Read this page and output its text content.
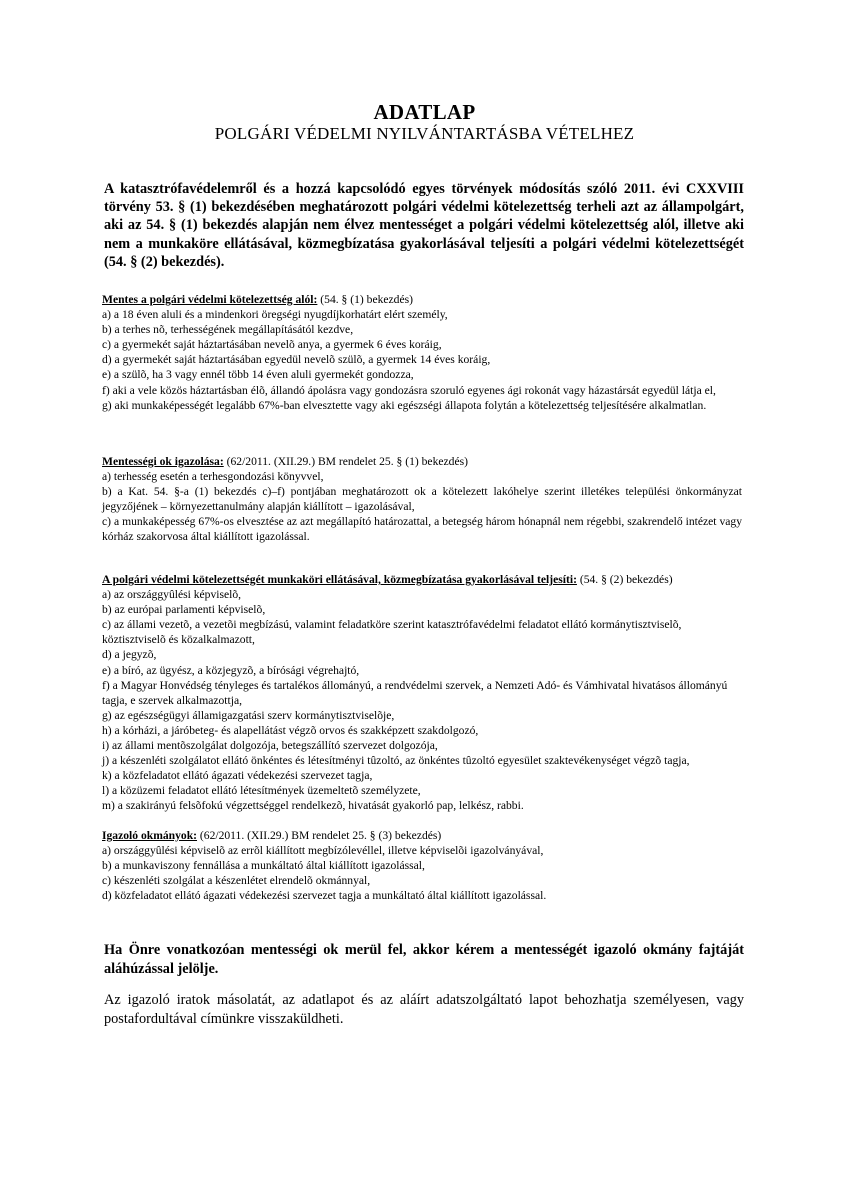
ADATLAP
POLGÁRI VÉDELMI NYILVÁNTARTÁSBA VÉTELHEZ
A katasztrófavédelemről és a hozzá kapcsolódó egyes törvények módosítás szóló 2011. évi CXXVIII törvény 53. § (1) bekezdésében meghatározott polgári védelmi kötelezettség terheli azt az állampolgárt, aki az 54. § (1) bekezdés alapján nem élvez mentességet a polgári védelmi kötelezettség alól, illetve aki nem a munkaköre ellátásával, közmegbízatása gyakorlásával teljesíti a polgári védelmi kötelezettségét (54. § (2) bekezdés).

Mentes a polgári védelmi kötelezettség alól: (54. § (1) bekezdés)

a) a 18 éven aluli és a mindenkori öregségi nyugdíjkorhatárt elért személy,

b) a terhes nõ, terhességének megállapításától kezdve,

c) a gyermekét saját háztartásában nevelõ anya, a gyermek 6 éves koráig,

d) a gyermekét saját háztartásában egyedül nevelõ szülõ, a gyermek 14 éves koráig,

e) a szülõ, ha 3 vagy ennél több 14 éven aluli gyermekét gondozza,

f) aki a vele közös háztartásban élõ, állandó ápolásra vagy gondozásra szoruló egyenes ági rokonát vagy házastársát egyedül látja el,

g) aki munkaképességét legalább 67%-ban elvesztette vagy aki egészségi állapota folytán a kötelezettség teljesítésére alkalmatlan.

Mentességi ok igazolása: (62/2011. (XII.29.) BM rendelet 25. § (1) bekezdés)

a) terhesség esetén a terhesgondozási könyvvel,

b) a Kat. 54. §-a (1) bekezdés c)–f) pontjában meghatározott ok a kötelezett lakóhelye szerint illetékes települési önkormányzat jegyzőjének – környezettanulmány alapján kiállított – igazolásával,

c) a munkaképesség 67%-os elvesztése az azt megállapító határozattal, a betegség három hónapnál nem régebbi, szakrendelő intézet vagy kórház szakorvosa által kiállított igazolással.

A polgári védelmi kötelezettségét munkaköri ellátásával, közmegbízatása gyakorlásával teljesíti: (54. § (2) bekezdés)

a) az országgyûlési képviselõ,

b) az európai parlamenti képviselõ,

c) az állami vezetõ, a vezetõi megbízású, valamint feladatköre szerint katasztrófavédelmi feladatot ellátó kormánytisztviselõ, köztisztviselõ és közalkalmazott,

d) a jegyzõ,

e) a bíró, az ügyész, a közjegyzõ, a bírósági végrehajtó,

f) a Magyar Honvédség tényleges és tartalékos állományú, a rendvédelmi szervek, a Nemzeti Adó- és Vámhivatal hivatásos állományú tagja, e szervek alkalmazottja,

g) az egészségügyi államigazgatási szerv kormánytisztviselõje,

h) a kórházi, a járóbeteg- és alapellátást végzõ orvos és szakképzett szakdolgozó,

i) az állami mentõszolgálat dolgozója, betegszállító szervezet dolgozója,

j) a készenléti szolgálatot ellátó önkéntes és létesítményi tûzoltó, az önkéntes tûzoltó egyesület szaktevékenységet végzõ tagja,

k) a közfeladatot ellátó ágazati védekezési szervezet tagja,

l) a közüzemi feladatot ellátó létesítmények üzemeltetõ személyzete,

m) a szakirányú felsõfokú végzettséggel rendelkezõ, hivatását gyakorló pap, lelkész, rabbi.

Igazoló okmányok: (62/2011. (XII.29.) BM rendelet 25. § (3) bekezdés)

a) országgyûlési képviselõ az errõl kiállított megbízólevéllel, illetve képviselõi igazolványával,

b) a munkaviszony fennállása a munkáltató által kiállított igazolással,

c) készenléti szolgálat a készenlétet elrendelõ okmánnyal,

d) közfeladatot ellátó ágazati védekezési szervezet tagja a munkáltató által kiállított igazolással.

Ha Önre vonatkozóan mentességi ok merül fel, akkor kérem a mentességét igazoló okmány fajtáját aláhúzással jelölje.
Az igazoló iratok másolatát, az adatlapot és az aláírt adatszolgáltató lapot behozhatja személyesen, vagy postafordultával címünkre visszaküldheti.
